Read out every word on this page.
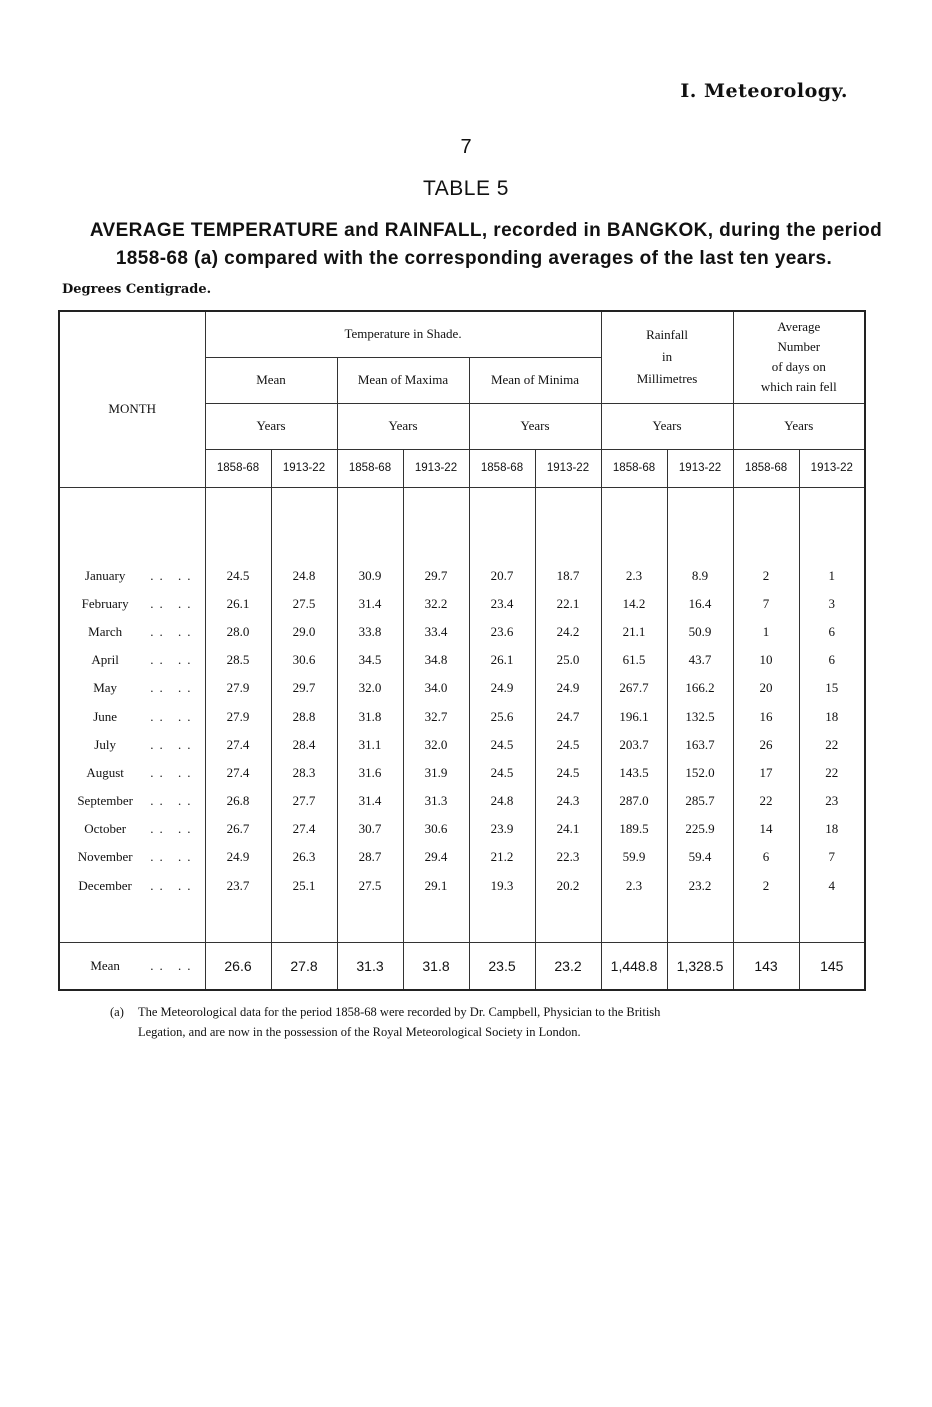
I. Meteorology.
7
TABLE 5
AVERAGE TEMPERATURE and RAINFALL, recorded in BANGKOK, during the period
1858-68 (a) compared with the corresponding averages of the last ten years.
Degrees Centigrade.
MONTH	Temperature in Shade.						Rainfall
in
Millimetres		Average
Number
of days on
which rain fell	
	Mean		Mean of Maxima		Mean of Minima					
	Years		Years		Years		Years		Years	
	1858-68	1913-22	1858-68	1913-22	1858-68	1913-22	1858-68	1913-22	1858-68	1913-22

January .. ..	24.5	24.8	30.9	29.7	20.7	18.7	2.3	8.9	2	1
February .. ..	26.1	27.5	31.4	32.2	23.4	22.1	14.2	16.4	7	3
March .. ..	28.0	29.0	33.8	33.4	23.6	24.2	21.1	50.9	1	6
April .. ..	28.5	30.6	34.5	34.8	26.1	25.0	61.5	43.7	10	6
May .. ..	27.9	29.7	32.0	34.0	24.9	24.9	267.7	166.2	20	15
June .. ..	27.9	28.8	31.8	32.7	25.6	24.7	196.1	132.5	16	18
July .. ..	27.4	28.4	31.1	32.0	24.5	24.5	203.7	163.7	26	22
August .. ..	27.4	28.3	31.6	31.9	24.5	24.5	143.5	152.0	17	22
September .. ..	26.8	27.7	31.4	31.3	24.8	24.3	287.0	285.7	22	23
October .. ..	26.7	27.4	30.7	30.6	23.9	24.1	189.5	225.9	14	18
November .. ..	24.9	26.3	28.7	29.4	21.2	22.3	59.9	59.4	6	7
December .. ..	23.7	25.1	27.5	29.1	19.3	20.2	2.3	23.2	2	4

Mean .. ..	26.6	27.8	31.3	31.8	23.5	23.2	1,448.8	1,328.5	143	145
(a) The Meteorological data for the period 1858-68 were recorded by Dr. Campbell, Physician to the British
Legation, and are now in the possession of the Royal Meteorological Society in London.
